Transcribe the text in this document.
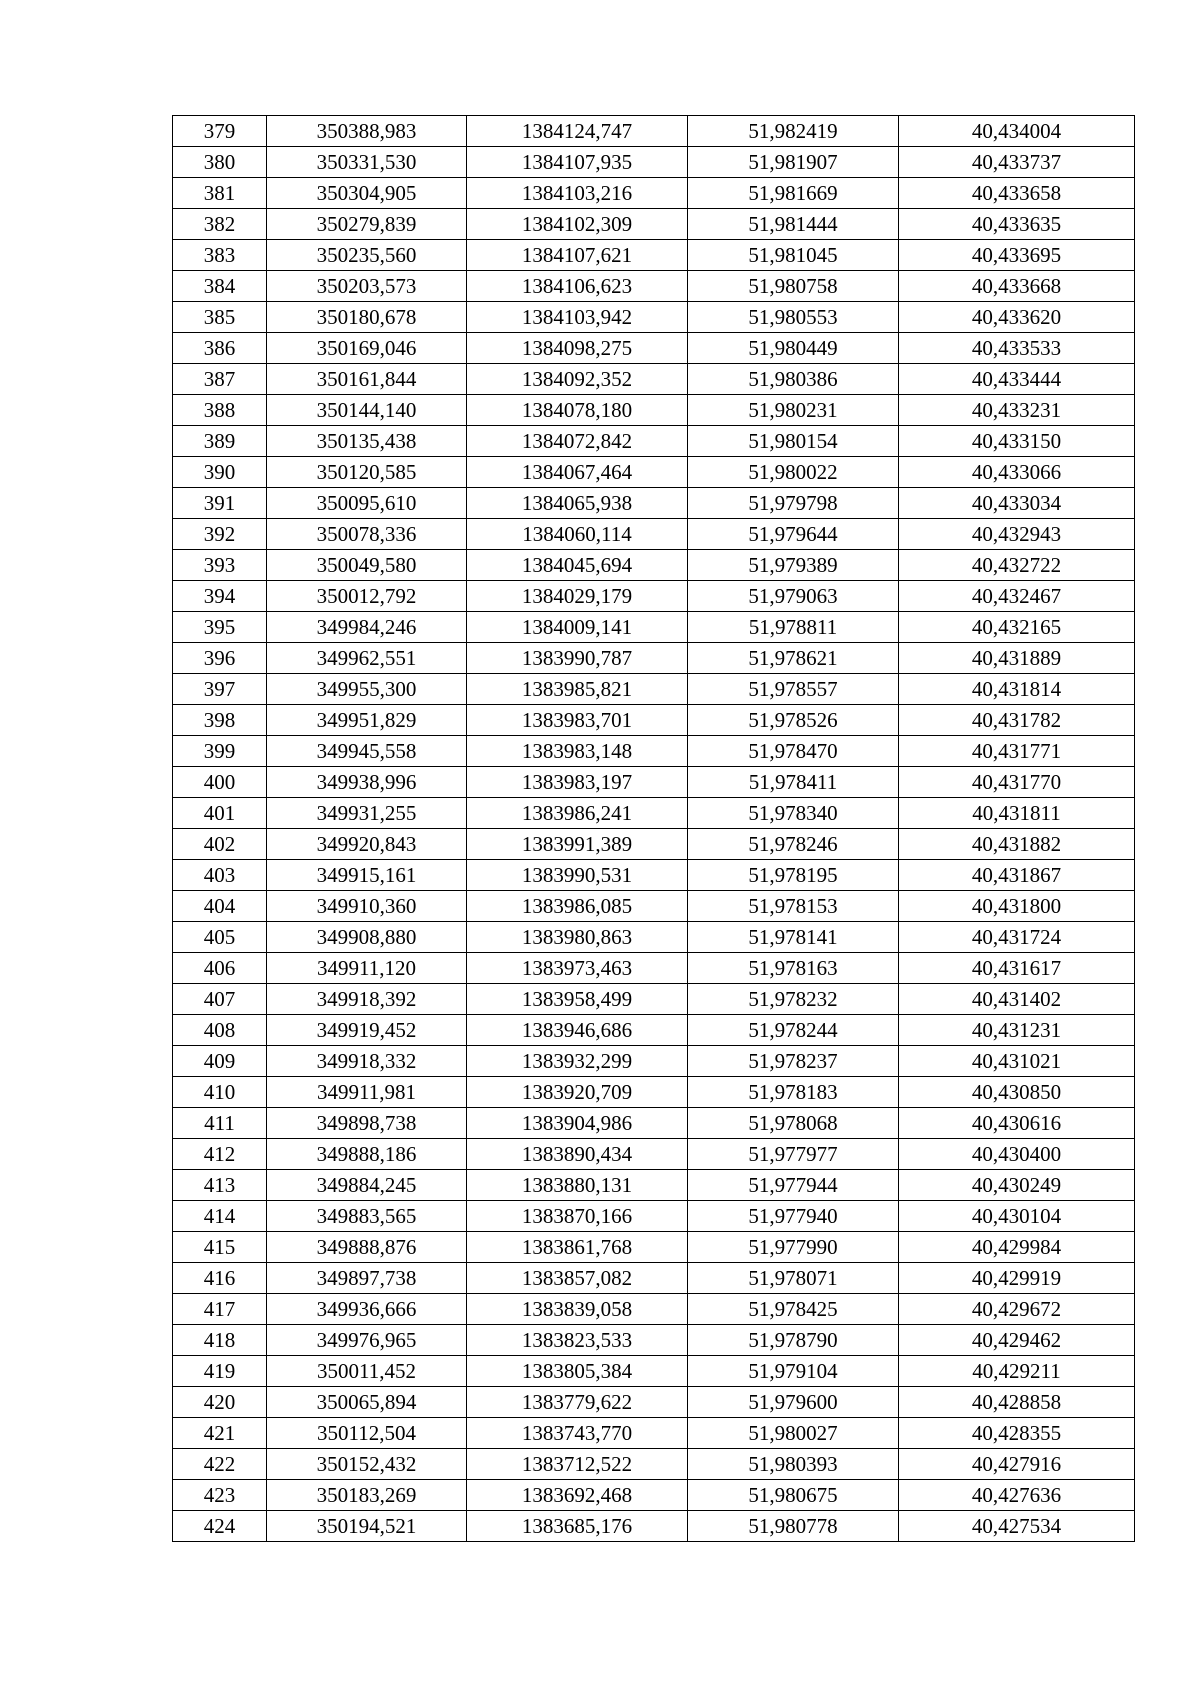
379	350388,983	1384124,747	51,982419	40,434004
380	350331,530	1384107,935	51,981907	40,433737
381	350304,905	1384103,216	51,981669	40,433658
382	350279,839	1384102,309	51,981444	40,433635
383	350235,560	1384107,621	51,981045	40,433695
384	350203,573	1384106,623	51,980758	40,433668
385	350180,678	1384103,942	51,980553	40,433620
386	350169,046	1384098,275	51,980449	40,433533
387	350161,844	1384092,352	51,980386	40,433444
388	350144,140	1384078,180	51,980231	40,433231
389	350135,438	1384072,842	51,980154	40,433150
390	350120,585	1384067,464	51,980022	40,433066
391	350095,610	1384065,938	51,979798	40,433034
392	350078,336	1384060,114	51,979644	40,432943
393	350049,580	1384045,694	51,979389	40,432722
394	350012,792	1384029,179	51,979063	40,432467
395	349984,246	1384009,141	51,978811	40,432165
396	349962,551	1383990,787	51,978621	40,431889
397	349955,300	1383985,821	51,978557	40,431814
398	349951,829	1383983,701	51,978526	40,431782
399	349945,558	1383983,148	51,978470	40,431771
400	349938,996	1383983,197	51,978411	40,431770
401	349931,255	1383986,241	51,978340	40,431811
402	349920,843	1383991,389	51,978246	40,431882
403	349915,161	1383990,531	51,978195	40,431867
404	349910,360	1383986,085	51,978153	40,431800
405	349908,880	1383980,863	51,978141	40,431724
406	349911,120	1383973,463	51,978163	40,431617
407	349918,392	1383958,499	51,978232	40,431402
408	349919,452	1383946,686	51,978244	40,431231
409	349918,332	1383932,299	51,978237	40,431021
410	349911,981	1383920,709	51,978183	40,430850
411	349898,738	1383904,986	51,978068	40,430616
412	349888,186	1383890,434	51,977977	40,430400
413	349884,245	1383880,131	51,977944	40,430249
414	349883,565	1383870,166	51,977940	40,430104
415	349888,876	1383861,768	51,977990	40,429984
416	349897,738	1383857,082	51,978071	40,429919
417	349936,666	1383839,058	51,978425	40,429672
418	349976,965	1383823,533	51,978790	40,429462
419	350011,452	1383805,384	51,979104	40,429211
420	350065,894	1383779,622	51,979600	40,428858
421	350112,504	1383743,770	51,980027	40,428355
422	350152,432	1383712,522	51,980393	40,427916
423	350183,269	1383692,468	51,980675	40,427636
424	350194,521	1383685,176	51,980778	40,427534
